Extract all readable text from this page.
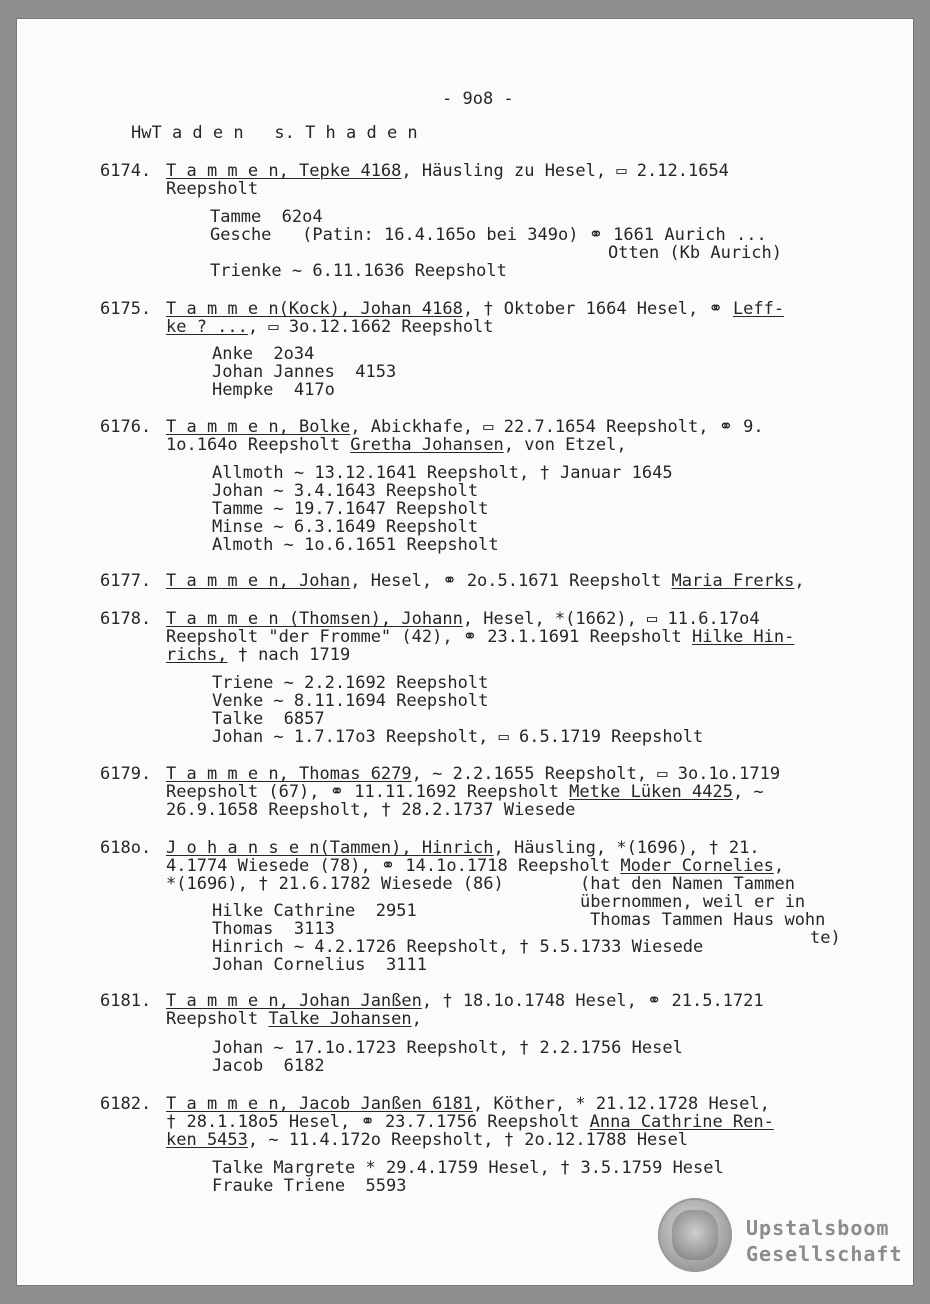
- 9o8 -
HwT a d e n s. T h a d e n
6174. T a m m e n, Tepke 4168, Häusling zu Hesel, ▭ 2.12.1654
Reepsholt
Tamme  62o4
Gesche   (Patin: 16.4.165o bei 349o) ⚭ 1661 Aurich ...
Otten (Kb Aurich)
Trienke ~ 6.11.1636 Reepsholt
6175. T a m m e n(Kock), Johan 4168, † Oktober 1664 Hesel, ⚭ Leff-
ke ? ..., ▭ 3o.12.1662 Reepsholt
Anke  2o34
Johan Jannes  4153
Hempke  417o
6176. T a m m e n, Bolke, Abickhafe, ▭ 22.7.1654 Reepsholt, ⚭ 9.
1o.164o Reepsholt Gretha Johansen, von Etzel,
Allmoth ~ 13.12.1641 Reepsholt, † Januar 1645
Johan ~ 3.4.1643 Reepsholt
Tamme ~ 19.7.1647 Reepsholt
Minse ~ 6.3.1649 Reepsholt
Almoth ~ 1o.6.1651 Reepsholt
6177. T a m m e n, Johan, Hesel, ⚭ 2o.5.1671 Reepsholt Maria Frerks,
6178. T a m m e n (Thomsen), Johann, Hesel, *(1662), ▭ 11.6.17o4
Reepsholt "der Fromme" (42), ⚭ 23.1.1691 Reepsholt Hilke Hin-
richs, † nach 1719
Triene ~ 2.2.1692 Reepsholt
Venke ~ 8.11.1694 Reepsholt
Talke  6857
Johan ~ 1.7.17o3 Reepsholt, ▭ 6.5.1719 Reepsholt
6179. T a m m e n, Thomas 6279, ~ 2.2.1655 Reepsholt, ▭ 3o.1o.1719
Reepsholt (67), ⚭ 11.11.1692 Reepsholt Metke Lüken 4425, ~
26.9.1658 Reepsholt, † 28.2.1737 Wiesede
618o. J o h a n s e n(Tammen), Hinrich, Häusling, *(1696), † 21.
4.1774 Wiesede (78), ⚭ 14.1o.1718 Reepsholt Moder Cornelies,
*(1696), † 21.6.1782 Wiesede (86)	(hat den Namen Tammen
übernommen, weil er in
Thomas Tammen Haus wohn
te)
Hilke Cathrine  2951
Thomas  3113
Hinrich ~ 4.2.1726 Reepsholt, † 5.5.1733 Wiesede
Johan Cornelius  3111
6181. T a m m e n, Johan Janßen, † 18.1o.1748 Hesel, ⚭ 21.5.1721
Reepsholt Talke Johansen,
Johan ~ 17.1o.1723 Reepsholt, † 2.2.1756 Hesel
Jacob  6182
6182. T a m m e n, Jacob Janßen 6181, Köther, * 21.12.1728 Hesel,
† 28.1.18o5 Hesel, ⚭ 23.7.1756 Reepsholt Anna Cathrine Ren-
ken 5453, ~ 11.4.172o Reepsholt, † 2o.12.1788 Hesel
Talke Margrete * 29.4.1759 Hesel, † 3.5.1759 Hesel
Frauke Triene  5593
Upstalsboom
Gesellschaft
